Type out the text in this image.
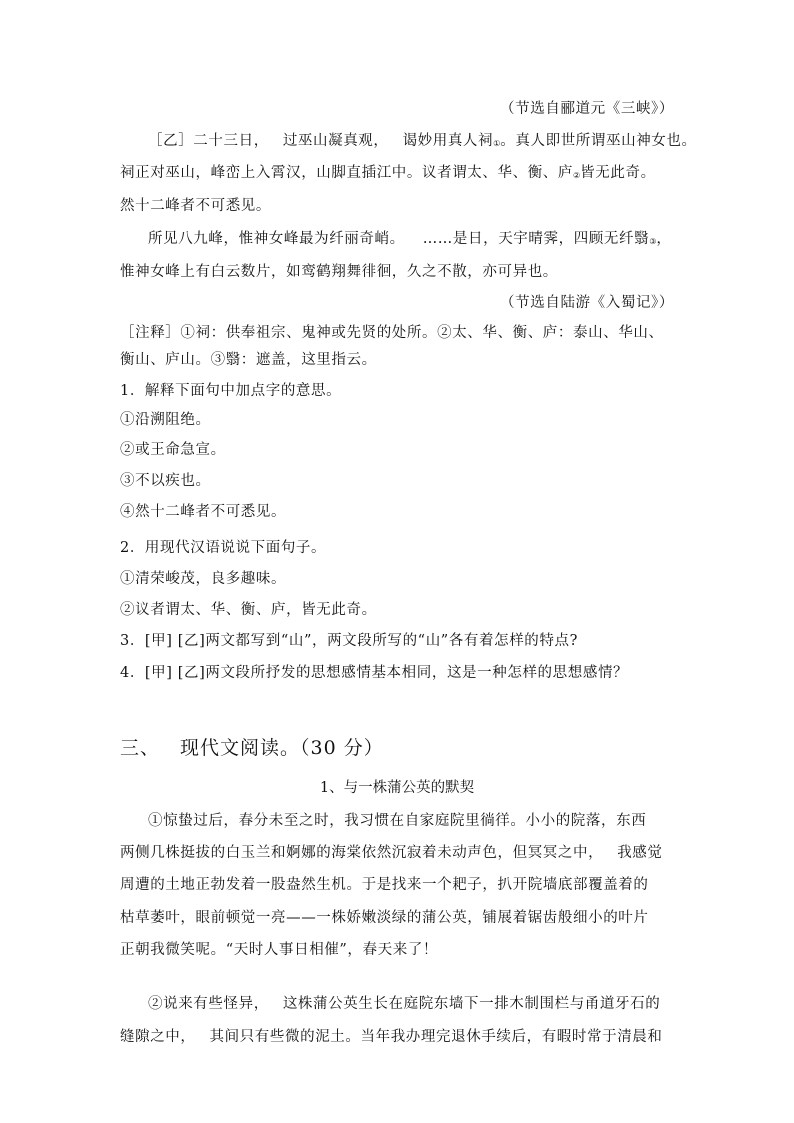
（节选自郦道元《三峡》）
［乙］二十三日， 过巫山凝真观， 谒妙用真人祠①。真人即世所谓巫山神女也。
祠正对巫山，峰峦上入霄汉，山脚直插江中。议者谓太、华、衡、庐②皆无此奇。
然十二峰者不可悉见。
所见八九峰，惟神女峰最为纤丽奇峭。 ……是日，天宇晴霁，四顾无纤翳③，
惟神女峰上有白云数片，如鸾鹤翔舞徘徊，久之不散，亦可异也。
（节选自陆游《入蜀记》）
［注释］①祠：供奉祖宗、鬼神或先贤的处所。②太、华、衡、庐：泰山、华山、
衡山、庐山。③翳：遮盖，这里指云。
1．解释下面句中加点字的意思。
①沿溯阻绝。
②或王命急宣。
③不以疾也。
④然十二峰者不可悉见。
2．用现代汉语说说下面句子。
①清荣峻茂，良多趣味。
②议者谓太、华、衡、庐，皆无此奇。
3．[甲] [乙]两文都写到“山”，两文段所写的“山”各有着怎样的特点?
4．[甲] [乙]两文段所抒发的思想感情基本相同，这是一种怎样的思想感情？
三、 现代文阅读。（30 分）
1、与一株蒲公英的默契
①惊蛰过后，春分未至之时，我习惯在自家庭院里徜徉。小小的院落，东西
两侧几株挺拔的白玉兰和婀娜的海棠依然沉寂着未动声色，但冥冥之中， 我感觉
周遭的土地正勃发着一股盎然生机。于是找来一个耙子，扒开院墙底部覆盖着的
枯草萎叶，眼前顿觉一亮——一株娇嫩淡绿的蒲公英，铺展着锯齿般细小的叶片
正朝我微笑呢。“天时人事日相催”，春天来了！
②说来有些怪异， 这株蒲公英生长在庭院东墙下一排木制围栏与甬道牙石的
缝隙之中， 其间只有些微的泥土。当年我办理完退休手续后，有暇时常于清晨和
